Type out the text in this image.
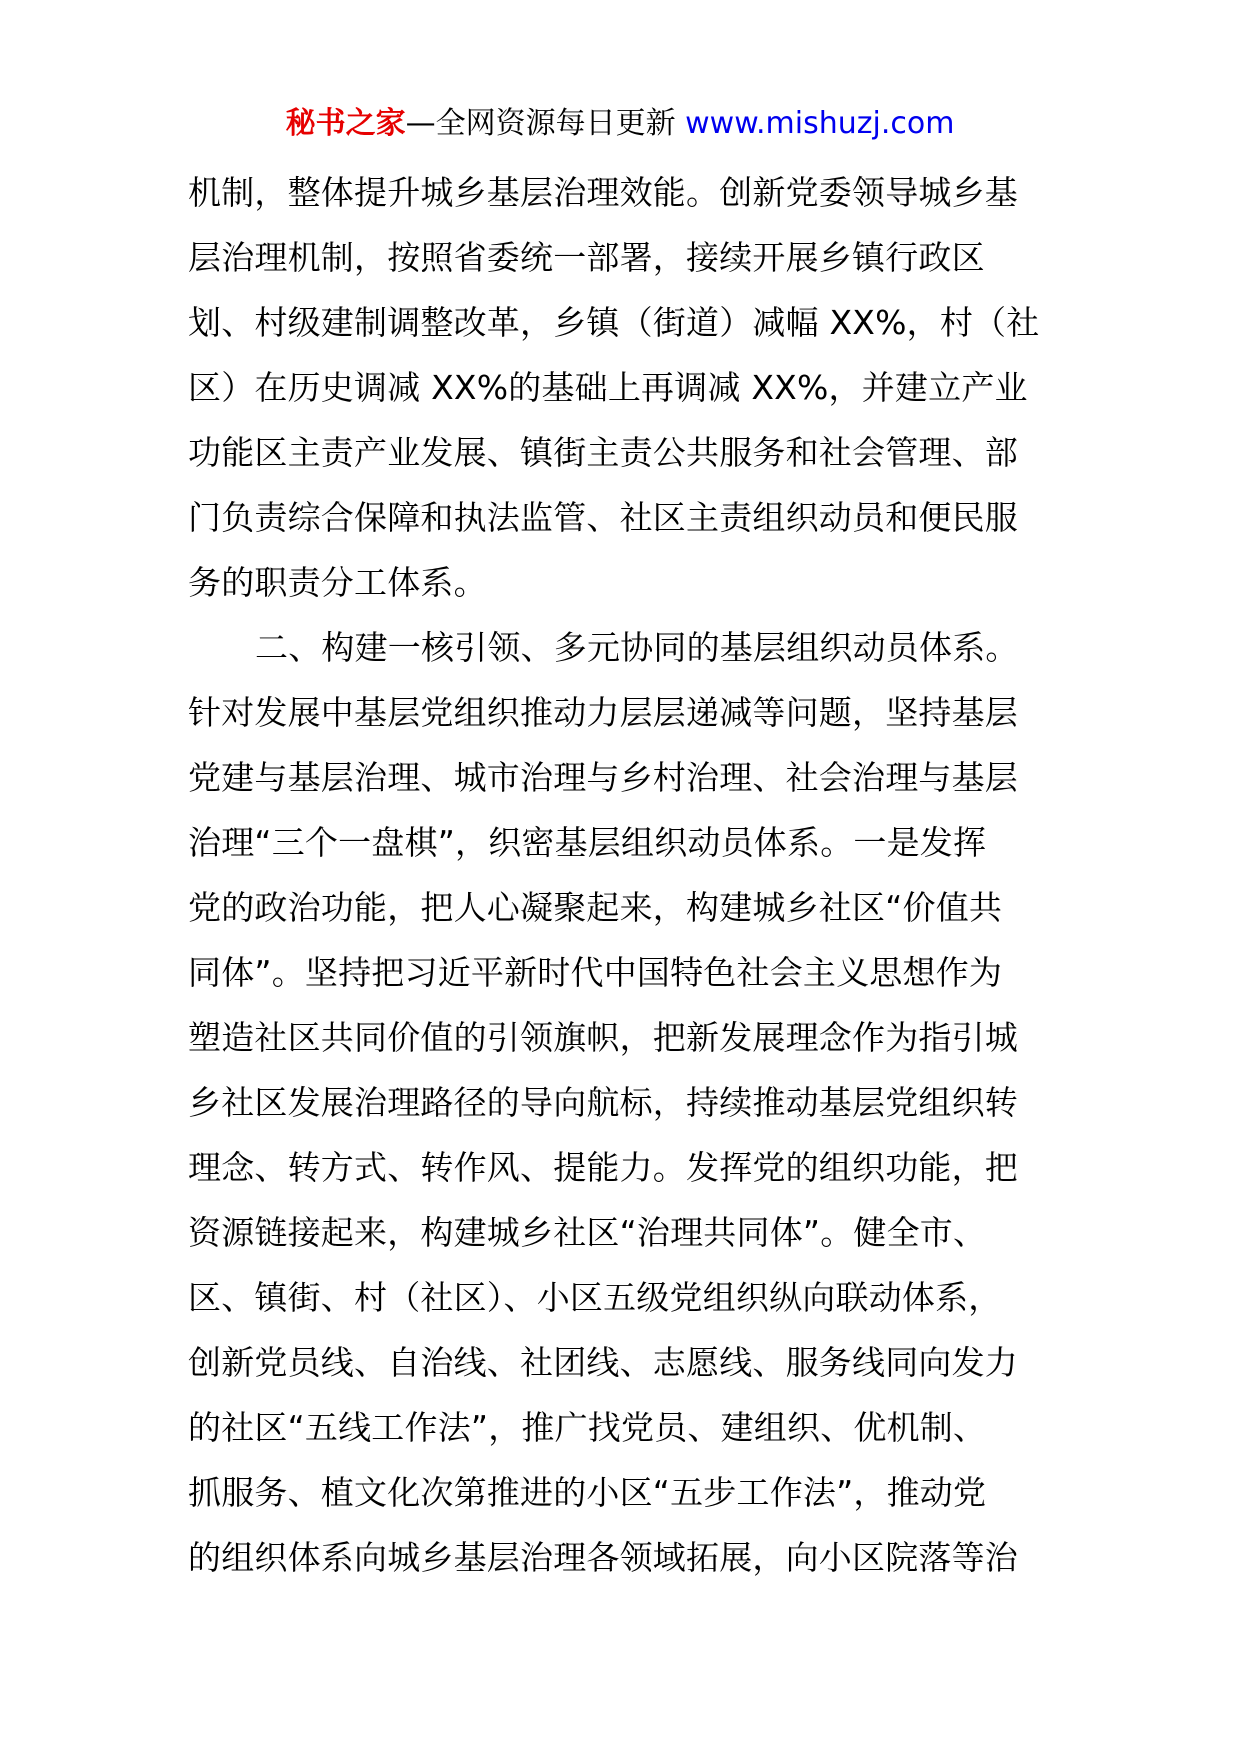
秘书之家—全网资源每日更新 www.mishuzj.com
机制，整体提升城乡基层治理效能。创新党委领导城乡基
层治理机制，按照省委统一部署，接续开展乡镇行政区
划、村级建制调整改革，乡镇（街道）减幅 XX%，村（社
区）在历史调减 XX%的基础上再调减 XX%，并建立产业
功能区主责产业发展、镇街主责公共服务和社会管理、部
门负责综合保障和执法监管、社区主责组织动员和便民服
务的职责分工体系。
二、构建一核引领、多元协同的基层组织动员体系。
针对发展中基层党组织推动力层层递减等问题，坚持基层
党建与基层治理、城市治理与乡村治理、社会治理与基层
治理“三个一盘棋”，织密基层组织动员体系。一是发挥
党的政治功能，把人心凝聚起来，构建城乡社区“价值共
同体”。坚持把习近平新时代中国特色社会主义思想作为
塑造社区共同价值的引领旗帜，把新发展理念作为指引城
乡社区发展治理路径的导向航标，持续推动基层党组织转
理念、转方式、转作风、提能力。发挥党的组织功能，把
资源链接起来，构建城乡社区“治理共同体”。健全市、
区、镇街、村（社区）、小区五级党组织纵向联动体系，
创新党员线、自治线、社团线、志愿线、服务线同向发力
的社区“五线工作法”，推广找党员、建组织、优机制、
抓服务、植文化次第推进的小区“五步工作法”，推动党
的组织体系向城乡基层治理各领域拓展，向小区院落等治
